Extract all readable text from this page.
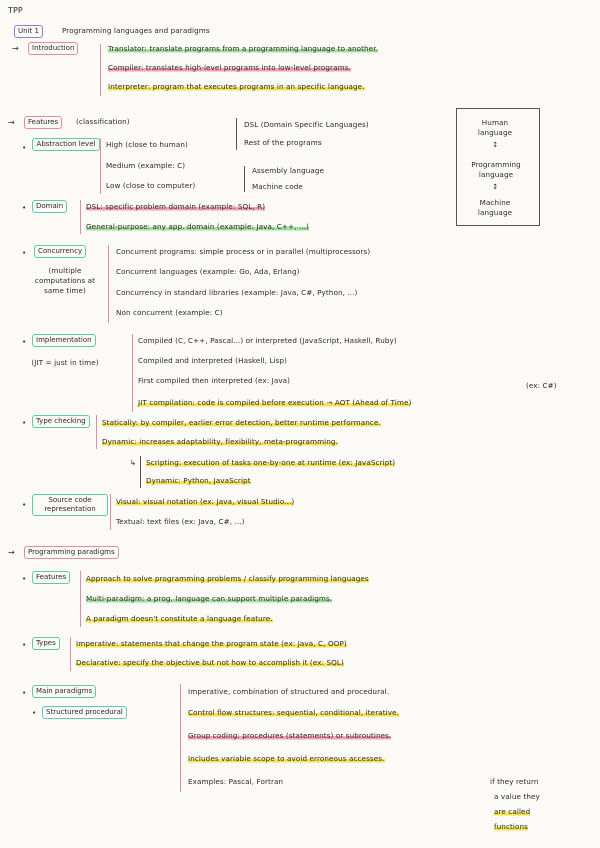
TPP
Unit 1	Programming languages and paradigms
→	Introduction	Translator: translate programs from a programming language to another.
Compiler: translates high-level programs into low-level programs.
Interpreter: program that executes programs in an specific language.
→	Features	(classification)
•	Abstraction level	High (close to human)
Medium (example: C)
Low (close to computer)
DSL (Domain Specific Languages)
Rest of the programs
Assembly language
Machine code
Human language
↕
Programming language
↕
Machine language
•	Domain	DSL: specific problem domain (example: SQL, R)
General-purpose: any app. domain (example: Java, C++, ...)
•	Concurrency
(multiple computations at same time)
Concurrent programs: simple process or in parallel (multiprocessors)
Concurrent languages (example: Go, Ada, Erlang)
Concurrency in standard libraries (example: Java, C#, Python, ...)
Non concurrent (example: C)
•	Implementation
(JIT = just in time)
Compiled (C, C++, Pascal...) or interpreted (JavaScript, Haskell, Ruby)
Compiled and interpreted (Haskell, Lisp)
First compiled then interpreted (ex: Java)
(ex: C#)
JIT compilation: code is compiled before execution → AOT (Ahead of Time)
•	Type checking	Statically: by compiler, earlier error detection, better runtime performance.
Dynamic: increases adaptability, flexibility, meta-programming.
↳ Scripting: execution of tasks one-by-one at runtime (ex: JavaScript)
Dynamic: Python, JavaScript
•	Source code representation
Visual: visual notation (ex: Java, visual Studio...)
Textual: text files (ex: Java, C#, ...)
→	Programming paradigms
•	Features	Approach to solve programming problems / classify programming languages
Multi-paradigm: a prog. language can support multiple paradigms.
A paradigm doesn't constitute a language feature.
•	Types	Imperative: statements that change the program state (ex: Java, C, OOP)
Declarative: specify the objective but not how to accomplish it (ex: SQL)
•	Main paradigms
•	Structured procedural
Imperative, combination of structured and procedural.
Control flow structures: sequential, conditional, iterative.
Group coding: procedures (statements) or subroutines.
Includes variable scope to avoid erroneous accesses.
Examples: Pascal, Fortran	if they return
a value they
are called
functions
